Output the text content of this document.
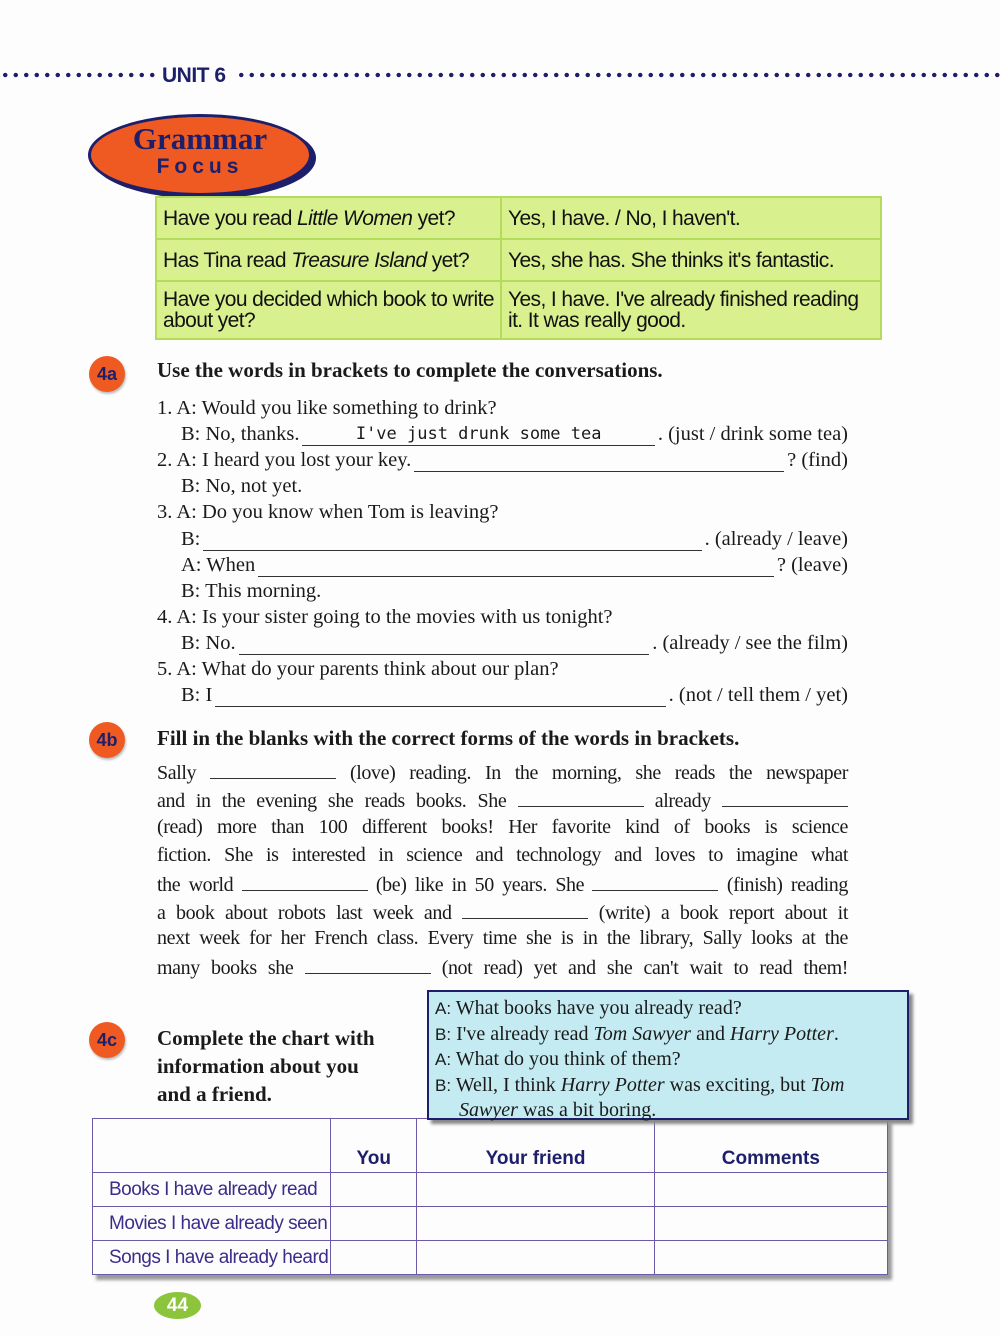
UNIT 6
Grammar
Focus
Have you read Little Women yet?	Yes, I have. / No, I haven't.
Has Tina read Treasure Island yet?	Yes, she has. She thinks it's fantastic.
Have you decided which book to write about yet?	Yes, I have. I've already finished reading it. It was really good.
4a	Use the words in brackets to complete the conversations.
1. A: Would you like something to drink?
B: No, thanks.	I've just drunk some tea	. (just / drink some tea)
2. A: I heard you lost your key.	? (find)
B: No, not yet.
3. A: Do you know when Tom is leaving?
B:	. (already / leave)
A: When	? (leave)
B: This morning.
4. A: Is your sister going to the movies with us tonight?
B: No.	. (already / see the film)
5. A: What do your parents think about our plan?
B: I	. (not / tell them / yet)
4b	Fill in the blanks with the correct forms of the words in brackets.
Sally	(love) reading. In the morning, she reads the newspaper
and in the evening she reads books. She	already
(read) more than 100 different books! Her favorite kind of books is science
fiction. She is interested in science and technology and loves to imagine what
the world	(be) like in 50 years. She	(finish) reading
a book about robots last week and	(write) a book report about it
next week for her French class. Every time she is in the library, Sally looks at the
many books she	(not read) yet and she can't wait to read them!
4c	Complete the chart with
information about you
and a friend.
A: What books have you already read?
B: I've already read Tom Sawyer and Harry Potter.
A: What do you think of them?
B: Well, I think Harry Potter was exciting, but Tom
Sawyer was a bit boring.
	You	Your friend	Comments
Books I have already read			
Movies I have already seen			
Songs I have already heard			
44
